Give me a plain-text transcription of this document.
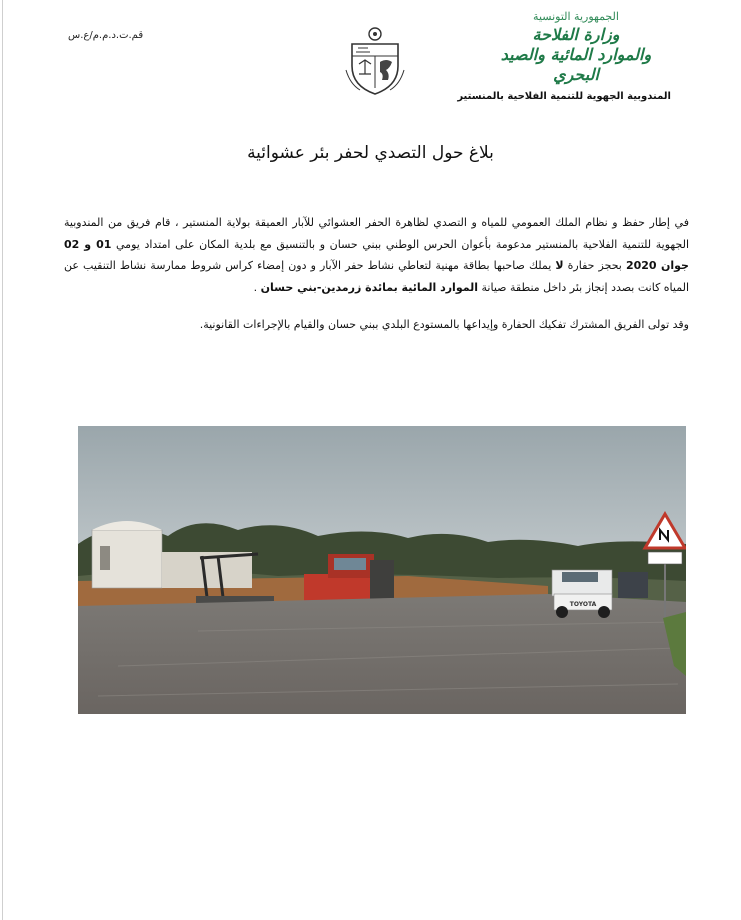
قم.ت.د.م.م/ع.س
الجمهورية التونسية
وزارة الفلاحة
والموارد المائية والصيد البحري
المندوبية الجهوية للتنمية الفلاحية بالمنستير
بلاغ حول التصدي لحفر بئر عشوائية

في إطار حفظ و نظام الملك العمومي للمياه و التصدي لظاهرة الحفر العشوائي للآبار العميقة بولاية المنستير ، قام فريق من المندوبية الجهوية للتنمية الفلاحية بالمنستير مدعومة بأعوان الحرس الوطني ببني حسان و بالتنسيق مع بلدية المكان على امتداد يومي 01 و 02 جوان 2020 بحجز حفارة لا يملك صاحبها بطاقة مهنية لتعاطي نشاط حفر الآبار و دون إمضاء كراس شروط ممارسة نشاط التنقيب عن المياه كانت بصدد إنجاز بئر داخل منطقة صيانة الموارد المائية بمائدة زرمدين-بني حسان .

وقد تولى الفريق المشترك تفكيك الحفارة وإيداعها بالمستودع البلدي ببني حسان والقيام بالإجراءات القانونية.

TOYOTA
